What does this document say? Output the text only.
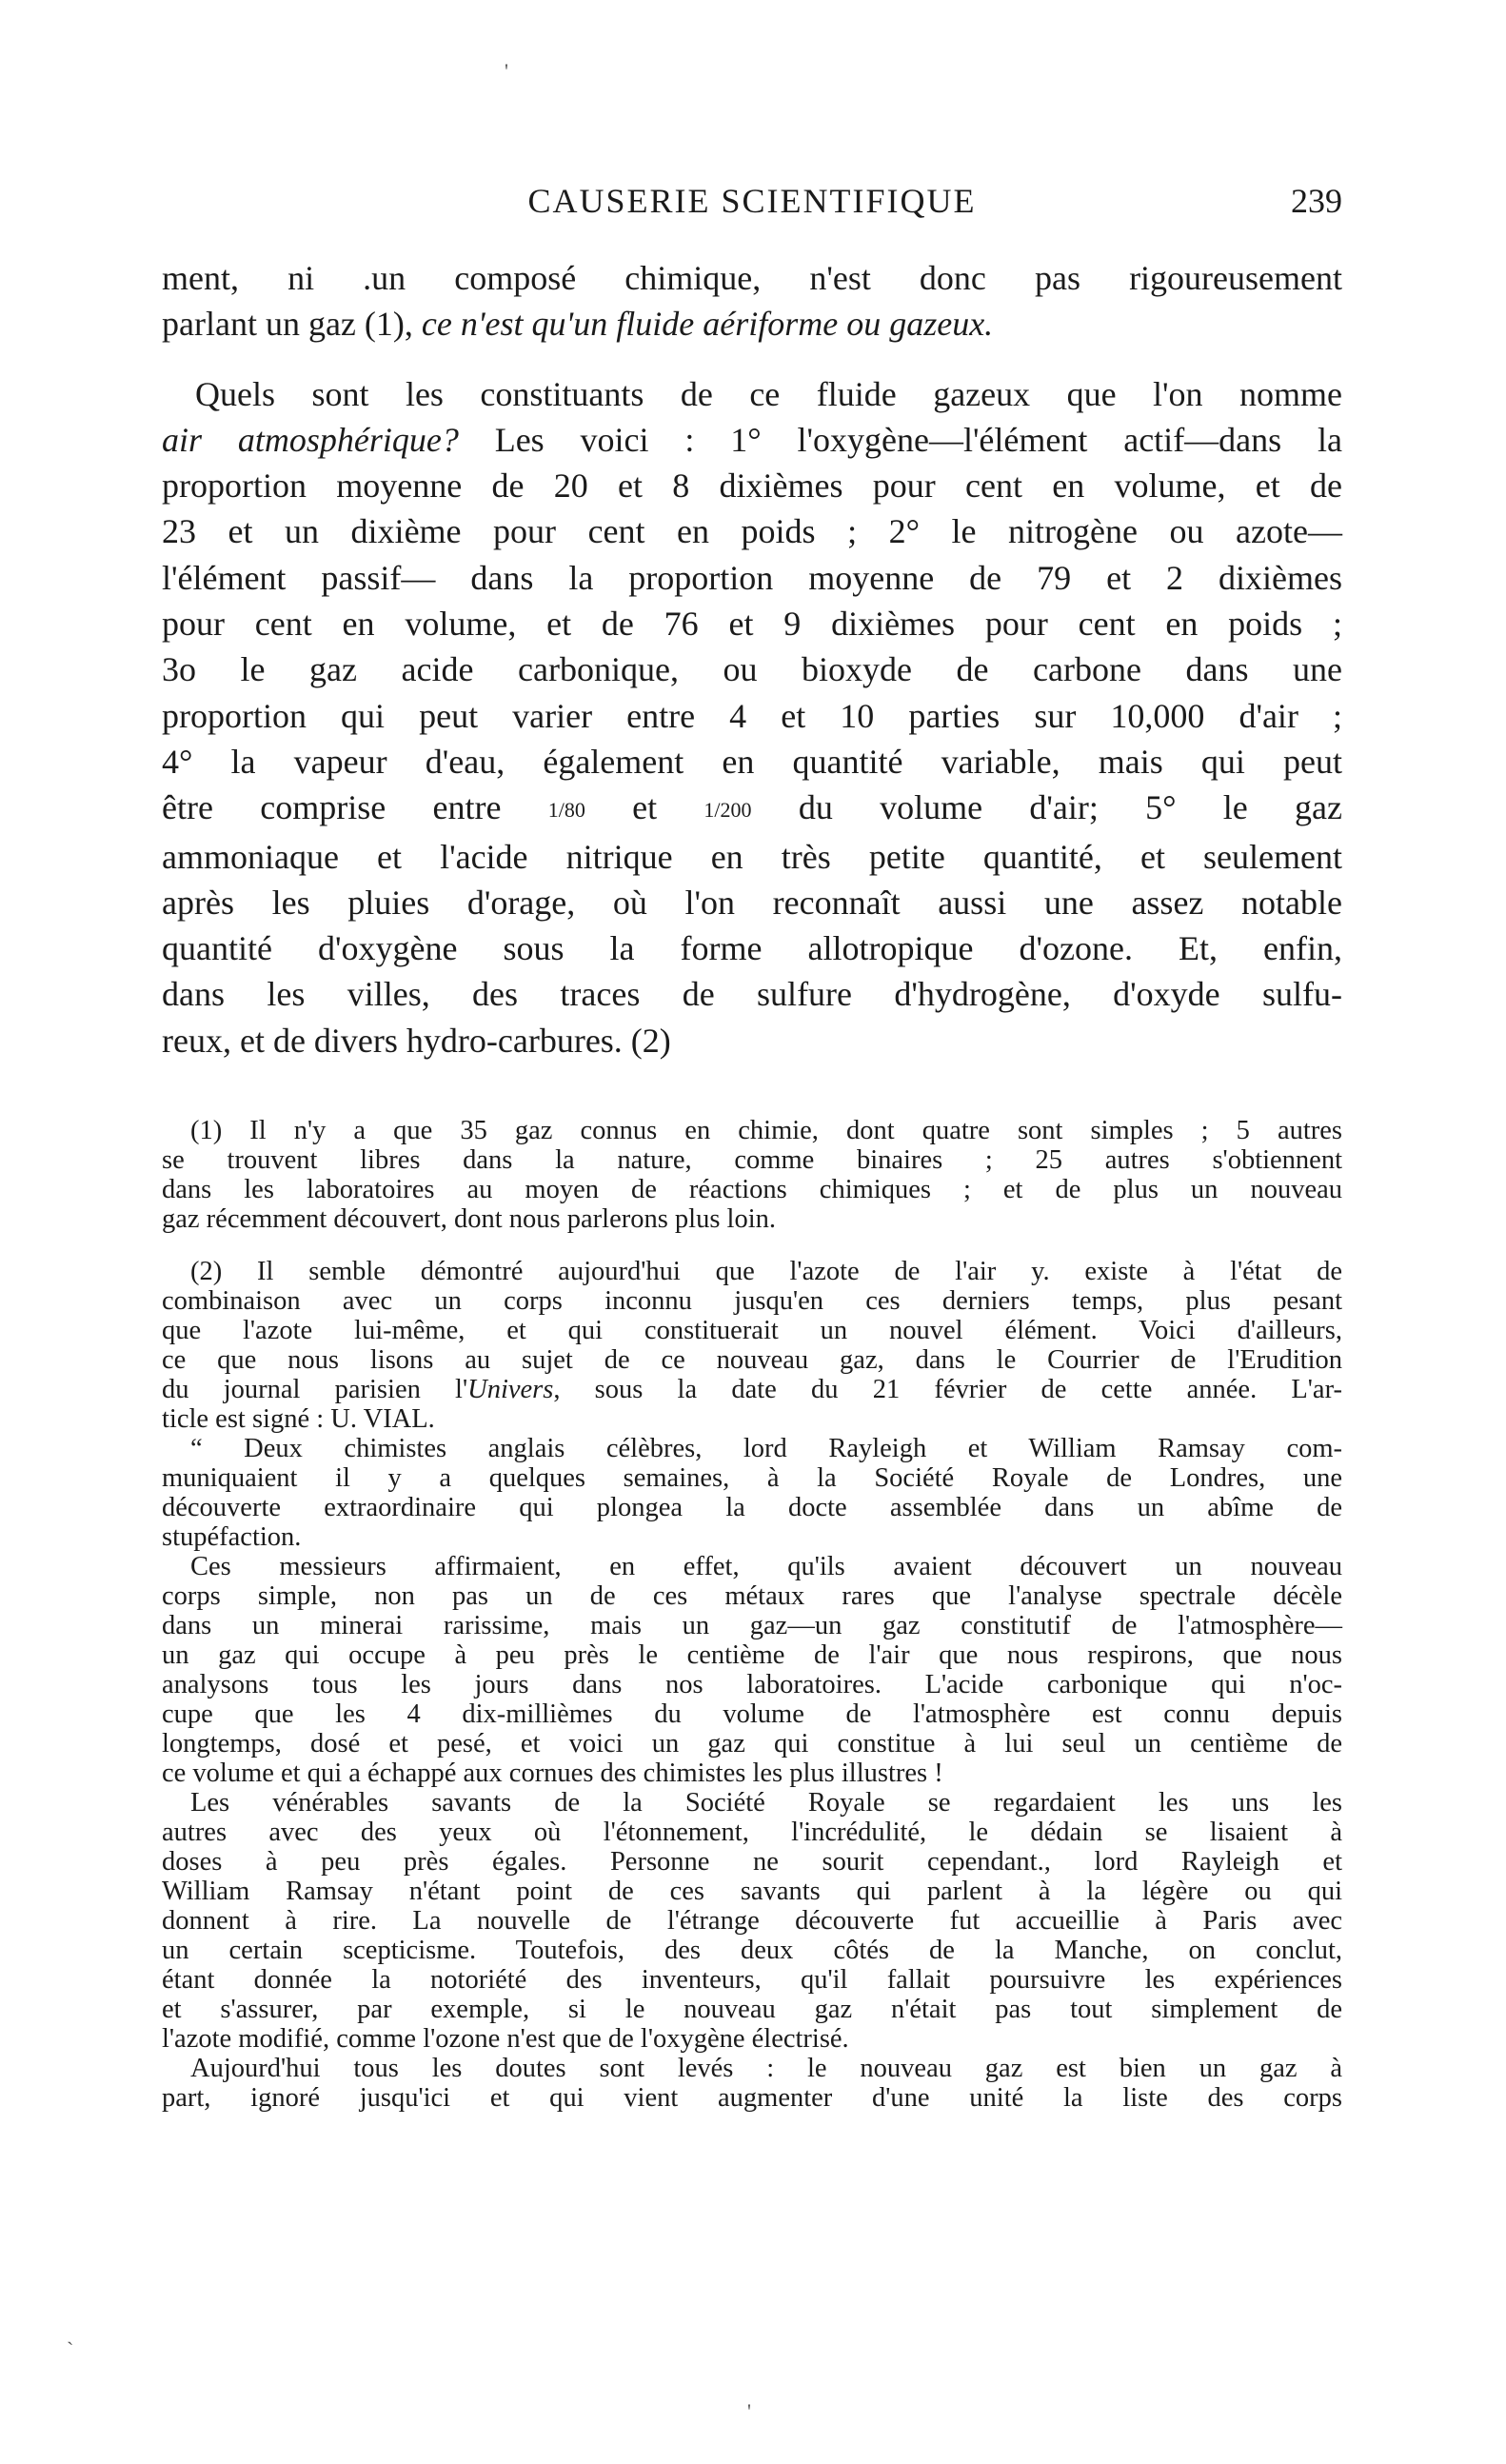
'
CAUSERIE SCIENTIFIQUE	239
ment, ni .un composé chimique, n'est donc pas rigoureusement
parlant un gaz (1), ce n'est qu'un fluide aériforme ou gazeux.
Quels sont les constituants de ce fluide gazeux que l'on nomme
air atmosphérique? Les voici : 1° l'oxygène—l'élément actif—dans la
proportion moyenne de 20 et 8 dixièmes pour cent en volume, et de
23 et un dixième pour cent en poids ; 2° le nitrogène ou azote—
l'élément passif— dans la proportion moyenne de 79 et 2 dixièmes
pour cent en volume, et de 76 et 9 dixièmes pour cent en poids ;
3o le gaz acide carbonique, ou bioxyde de carbone dans une
proportion qui peut varier entre 4 et 10 parties sur 10,000 d'air ;
4° la vapeur d'eau, également en quantité variable, mais qui peut
être comprise entre 1/80 et 1/200 du volume d'air; 5° le gaz
ammoniaque et l'acide nitrique en très petite quantité, et seulement
après les pluies d'orage, où l'on reconnaît aussi une assez notable
quantité d'oxygène sous la forme allotropique d'ozone. Et, enfin,
dans les villes, des traces de sulfure d'hydrogène, d'oxyde sulfu-
reux, et de divers hydro-carbures. (2)
(1) Il n'y a que 35 gaz connus en chimie, dont quatre sont simples ; 5 autres
se trouvent libres dans la nature, comme binaires ; 25 autres s'obtiennent
dans les laboratoires au moyen de réactions chimiques ; et de plus un nouveau
gaz récemment découvert, dont nous parlerons plus loin.
(2) Il semble démontré aujourd'hui que l'azote de l'air y. existe à l'état de
combinaison avec un corps inconnu jusqu'en ces derniers temps, plus pesant
que l'azote lui-même, et qui constituerait un nouvel élément. Voici d'ailleurs,
ce que nous lisons au sujet de ce nouveau gaz, dans le Courrier de l'Erudition
du journal parisien l'Univers, sous la date du 21 février de cette année. L'ar-
ticle est signé : U. VIAL.
“ Deux chimistes anglais célèbres, lord Rayleigh et William Ramsay com-
muniquaient il y a quelques semaines, à la Société Royale de Londres, une
découverte extraordinaire qui plongea la docte assemblée dans un abîme de
stupéfaction.
Ces messieurs affirmaient, en effet, qu'ils avaient découvert un nouveau
corps simple, non pas un de ces métaux rares que l'analyse spectrale décèle
dans un minerai rarissime, mais un gaz—un gaz constitutif de l'atmosphère—
un gaz qui occupe à peu près le centième de l'air que nous respirons, que nous
analysons tous les jours dans nos laboratoires. L'acide carbonique qui n'oc-
cupe que les 4 dix-millièmes du volume de l'atmosphère est connu depuis
longtemps, dosé et pesé, et voici un gaz qui constitue à lui seul un centième de
ce volume et qui a échappé aux cornues des chimistes les plus illustres !
Les vénérables savants de la Société Royale se regardaient les uns les
autres avec des yeux où l'étonnement, l'incrédulité, le dédain se lisaient à
doses à peu près égales. Personne ne sourit cependant., lord Rayleigh et
William Ramsay n'étant point de ces savants qui parlent à la légère ou qui
donnent à rire. La nouvelle de l'étrange découverte fut accueillie à Paris avec
un certain scepticisme. Toutefois, des deux côtés de la Manche, on conclut,
étant donnée la notoriété des inventeurs, qu'il fallait poursuivre les expériences
et s'assurer, par exemple, si le nouveau gaz n'était pas tout simplement de
l'azote modifié, comme l'ozone n'est que de l'oxygène électrisé.
Aujourd'hui tous les doutes sont levés : le nouveau gaz est bien un gaz à
part, ignoré jusqu'ici et qui vient augmenter d'une unité la liste des corps
`
'
